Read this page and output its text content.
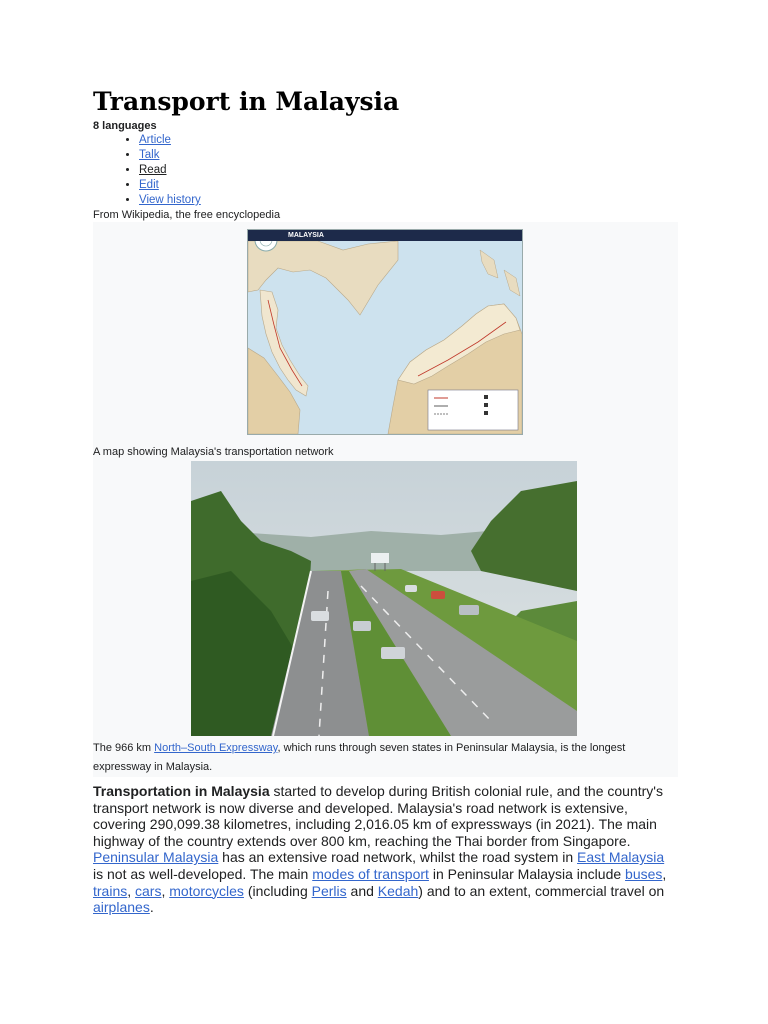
Transport in Malaysia
8 languages
• Article
• Talk
• Read
• Edit
• View history
From Wikipedia, the free encyclopedia
MALAYSIA
A map showing Malaysia's transportation network
The 966 km North–South Expressway, which runs through seven states in Peninsular Malaysia, is the longest expressway in Malaysia.
Transportation in Malaysia started to develop during British colonial rule, and the country's transport network is now diverse and developed. Malaysia's road network is extensive, covering 290,099.38 kilometres, including 2,016.05 km of expressways (in 2021). The main highway of the country extends over 800 km, reaching the Thai border from Singapore. Peninsular Malaysia has an extensive road network, whilst the road system in East Malaysia is not as well-developed. The main modes of transport in Peninsular Malaysia include buses, trains, cars, motorcycles (including Perlis and Kedah) and to an extent, commercial travel on airplanes.
